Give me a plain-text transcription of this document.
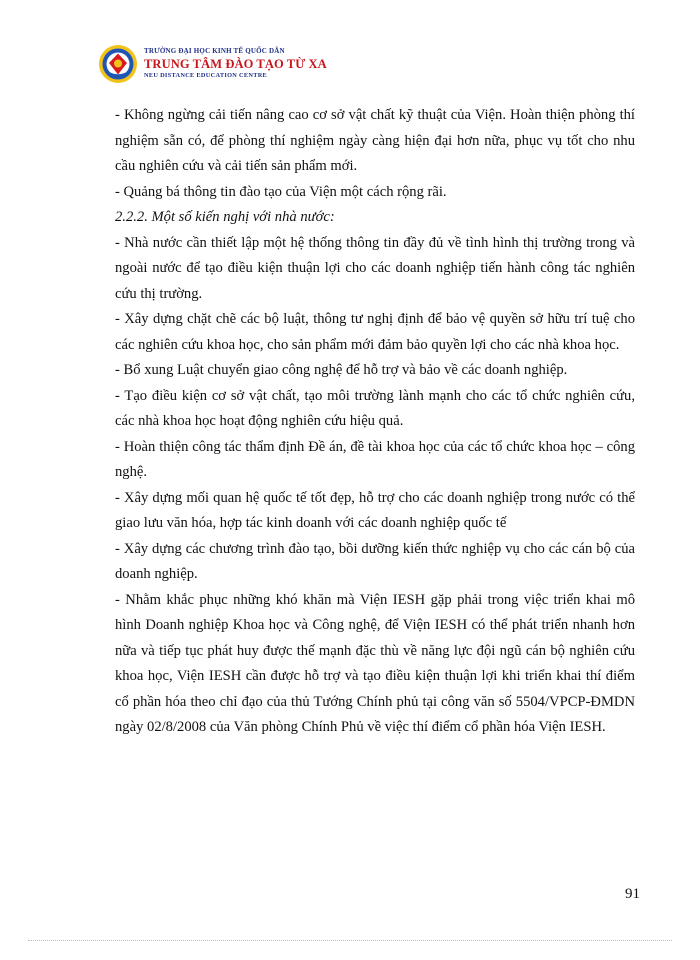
TRƯỜNG ĐẠI HỌC KINH TẾ QUỐC DÂN
TRUNG TÂM ĐÀO TẠO TỪ XA
NEU DISTANCE EDUCATION CENTRE

- Không ngừng cải tiến nâng cao cơ sở vật chất kỹ thuật của Viện. Hoàn thiện phòng thí nghiệm sẵn có, để phòng thí nghiệm ngày càng hiện đại hơn nữa, phục vụ tốt cho nhu cầu nghiên cứu và cải tiến sản phẩm mới.

- Quảng bá thông tin đào tạo của Viện một cách rộng rãi.

2.2.2. Một số kiến nghị với nhà nước:

- Nhà nước cần thiết lập một hệ thống thông tin đầy đủ về tình hình thị trường trong và ngoài nước để tạo điều kiện thuận lợi cho các doanh nghiệp tiến hành công tác nghiên cứu thị trường.

- Xây dựng chặt chẽ các bộ luật, thông tư nghị định để bảo vệ quyền sở hữu trí tuệ cho các nghiên cứu khoa học, cho sản phẩm mới đảm bảo quyền lợi cho các nhà khoa học.

- Bổ xung Luật chuyển giao công nghệ để hỗ trợ và bảo về các doanh nghiệp.

- Tạo điều kiện cơ sở vật chất, tạo môi trường lành mạnh cho các tổ chức nghiên cứu, các nhà khoa học hoạt động nghiên cứu hiệu quả.

- Hoàn thiện công tác thẩm định Đề án, đề tài khoa học của các tổ chức khoa học – công nghệ.

- Xây dựng mối quan hệ quốc tế tốt đẹp, hỗ trợ cho các doanh nghiệp trong nước có thể giao lưu văn hóa, hợp tác kinh doanh với các doanh nghiệp quốc tế

- Xây dựng các chương trình đào tạo, bồi dưỡng kiến thức nghiệp vụ cho các cán bộ của doanh nghiệp.

- Nhằm khắc phục những khó khăn mà Viện IESH gặp phải trong việc triển khai mô hình Doanh nghiệp Khoa học và Công nghệ, để Viện IESH có thể phát triển nhanh hơn nữa và tiếp tục phát huy được thế mạnh đặc thù về năng lực đội ngũ cán bộ nghiên cứu khoa học, Viện IESH cần được hỗ trợ và tạo điều kiện thuận lợi khi triển khai thí điểm cổ phần hóa theo chỉ đạo của thủ Tướng Chính phủ tại công văn số 5504/VPCP-ĐMDN ngày 02/8/2008 của Văn phòng Chính Phủ về việc thí điểm cổ phần hóa Viện IESH.

91
